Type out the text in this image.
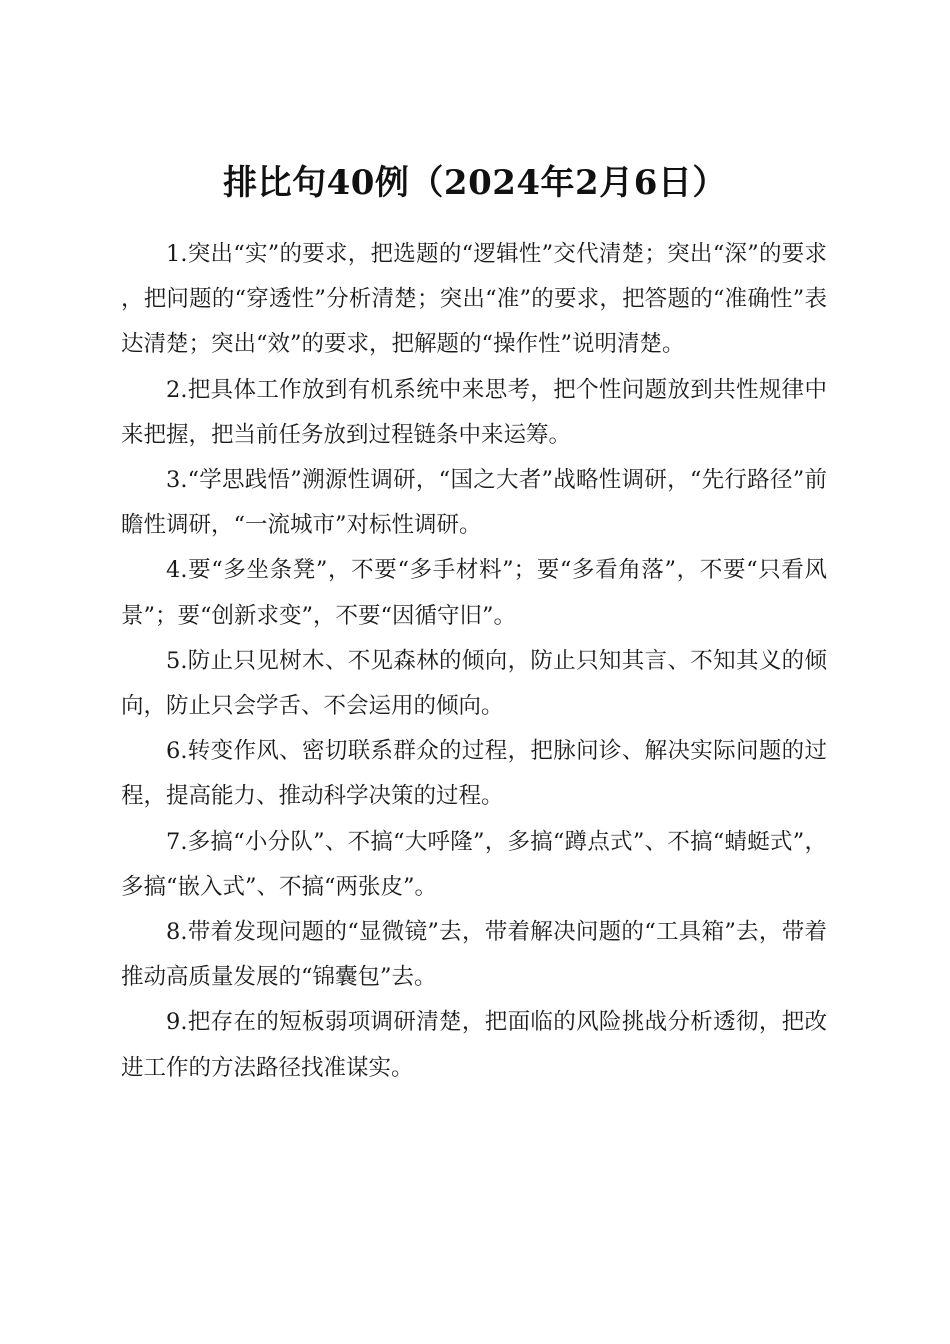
排比句40例（2024年2月6日）

1.突出“实”的要求，把选题的“逻辑性”交代清楚；突出“深”的要求，把问题的“穿透性”分析清楚；突出“准”的要求，把答题的“准确性”表达清楚；突出“效”的要求，把解题的“操作性”说明清楚。

2.把具体工作放到有机系统中来思考，把个性问题放到共性规律中来把握，把当前任务放到过程链条中来运筹。

3.“学思践悟”溯源性调研，“国之大者”战略性调研，“先行路径”前瞻性调研，“一流城市”对标性调研。

4.要“多坐条凳”，不要“多手材料”；要“多看角落”，不要“只看风景”；要“创新求变”，不要“因循守旧”。

5.防止只见树木、不见森林的倾向，防止只知其言、不知其义的倾向，防止只会学舌、不会运用的倾向。

6.转变作风、密切联系群众的过程，把脉问诊、解决实际问题的过程，提高能力、推动科学决策的过程。

7.多搞“小分队”、不搞“大呼隆”，多搞“蹲点式”、不搞“蜻蜓式”，多搞“嵌入式”、不搞“两张皮”。

8.带着发现问题的“显微镜”去，带着解决问题的“工具箱”去，带着推动高质量发展的“锦囊包”去。

9.把存在的短板弱项调研清楚，把面临的风险挑战分析透彻，把改进工作的方法路径找准谋实。
